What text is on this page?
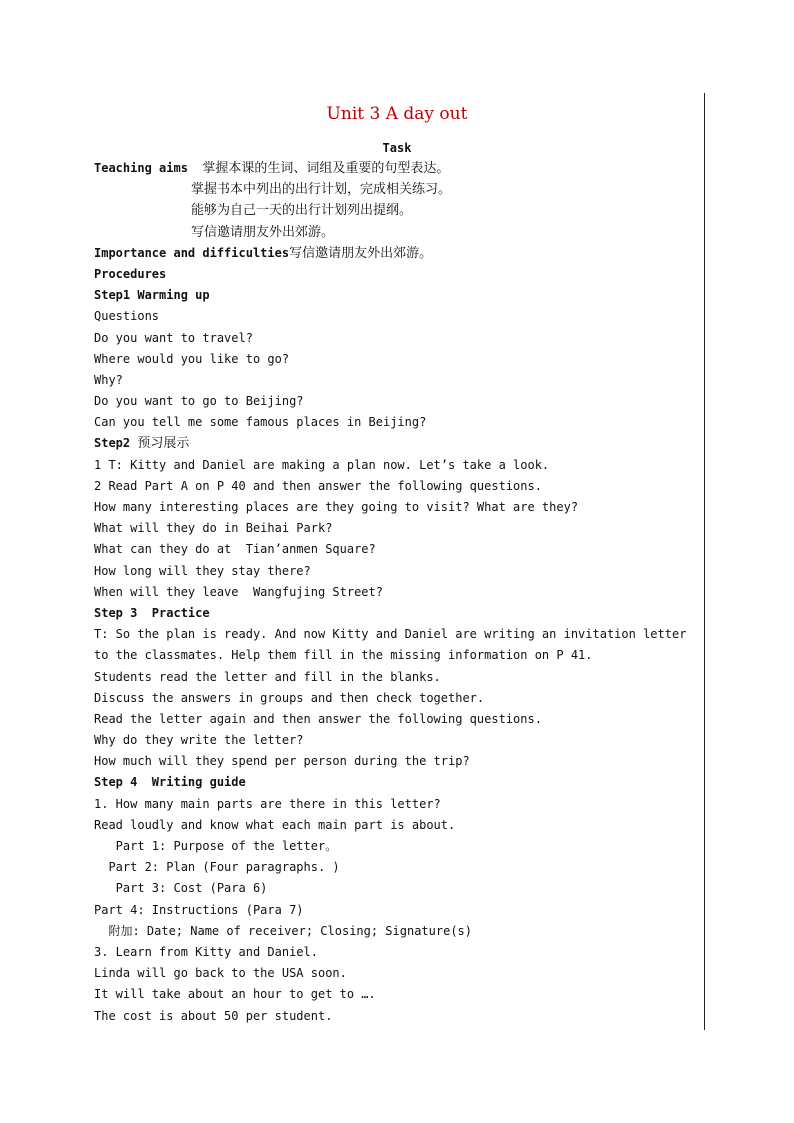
Unit 3 A day out
Task
Teaching aims 掌握本课的生词、词组及重要的句型表达。
掌握书本中列出的出行计划，完成相关练习。
能够为自己一天的出行计划列出提纲。
写信邀请朋友外出郊游。
Importance and difficulties写信邀请朋友外出郊游。
Procedures
Step1 Warming up
Questions
Do you want to travel?
Where would you like to go?
Why?
Do you want to go to Beijing?
Can you tell me some famous places in Beijing?
Step2 预习展示
1 T: Kitty and Daniel are making a plan now. Let’s take a look.
2 Read Part A on P 40 and then answer the following questions.
How many interesting places are they going to visit? What are they?
What will they do in Beihai Park?
What can they do at  Tian’anmen Square?
How long will they stay there?
When will they leave  Wangfujing Street?
Step 3  Practice
T: So the plan is ready. And now Kitty and Daniel are writing an invitation letter to the classmates. Help them fill in the missing information on P 41.
Students read the letter and fill in the blanks.
Discuss the answers in groups and then check together.
Read the letter again and then answer the following questions.
Why do they write the letter?
How much will they spend per person during the trip?
Step 4  Writing guide
1. How many main parts are there in this letter?
Read loudly and know what each main part is about.
Part 1: Purpose of the letter。
Part 2: Plan (Four paragraphs. )
Part 3: Cost (Para 6)
Part 4: Instructions (Para 7)
附加: Date; Name of receiver; Closing; Signature(s)
3. Learn from Kitty and Daniel.
Linda will go back to the USA soon.
It will take about an hour to get to ….
The cost is about 50 per student.
